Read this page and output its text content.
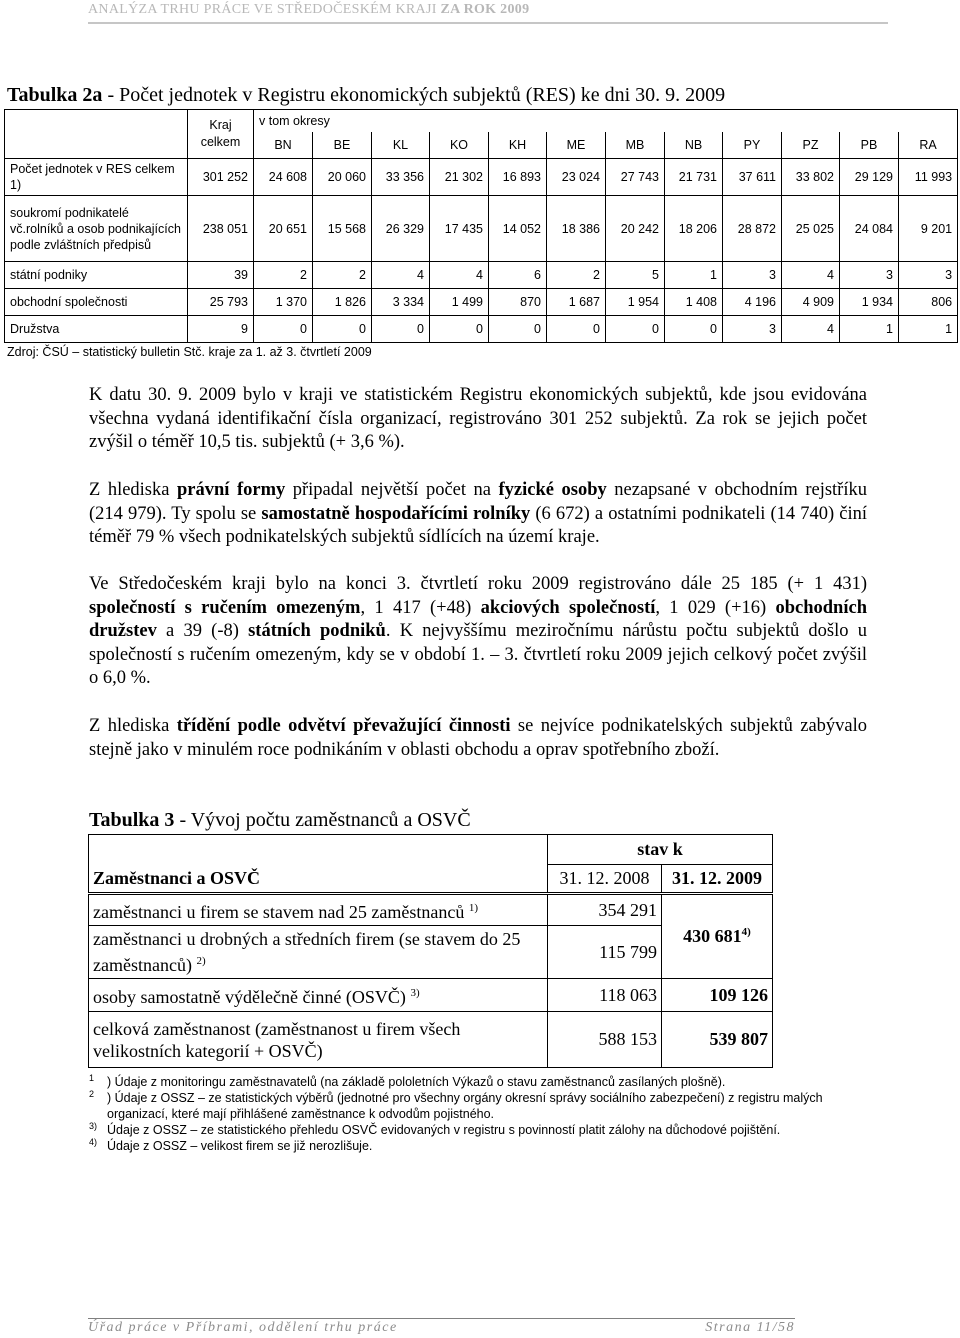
ANALÝZA TRHU PRÁCE VE STŘEDOČESKÉM KRAJI ZA ROK 2009
Tabulka 2a - Počet jednotek v Registru ekonomických subjektů (RES) ke dni 30. 9. 2009
	Kraj celkem	v tom okresy											
		BN	BE	KL	KO	KH	ME	MB	NB	PY	PZ	PB	RA
Počet jednotek v RES celkem 1)	301 252	24 608	20 060	33 356	21 302	16 893	23 024	27 743	21 731	37 611	33 802	29 129	11 993
soukromí podnikatelé vč.rolníků a osob podnikajících podle zvláštních předpisů	238 051	20 651	15 568	26 329	17 435	14 052	18 386	20 242	18 206	28 872	25 025	24 084	9 201
státní podniky	39	2	2	4	4	6	2	5	1	3	4	3	3
obchodní společnosti	25 793	1 370	1 826	3 334	1 499	870	1 687	1 954	1 408	4 196	4 909	1 934	806
Družstva	9	0	0	0	0	0	0	0	0	3	4	1	1
Zdroj: ČSÚ – statistický bulletin Stč. kraje za 1. až 3. čtvrtletí 2009

K datu 30. 9. 2009 bylo v kraji ve statistickém Registru ekonomických subjektů, kde jsou evidována všechna vydaná identifikační čísla organizací, registrováno 301 252 subjektů. Za rok se jejich počet zvýšil o téměř 10,5 tis. subjektů (+ 3,6 %).

Z hlediska právní formy připadal největší počet na fyzické osoby nezapsané v obchodním rejstříku (214 979). Ty spolu se samostatně hospodařícími rolníky (6 672) a ostatními podnikateli (14 740) činí téměř 79 % všech podnikatelských subjektů sídlících na území kraje.

Ve Středočeském kraji bylo na konci 3. čtvrtletí roku 2009 registrováno dále 25 185 (+ 1 431) společností s ručením omezeným, 1 417 (+48) akciových společností, 1 029 (+16) obchodních družstev a 39 (-8) státních podniků. K nejvyššímu meziročnímu nárůstu počtu subjektů došlo u společností s ručením omezeným, kdy se v období 1. – 3. čtvrtletí roku 2009 jejich celkový počet zvýšil o 6,0 %.

Z hlediska třídění podle odvětví převažující činnosti se nejvíce podnikatelských subjektů zabývalo stejně jako v minulém roce podnikáním v oblasti obchodu a oprav spotřebního zboží.

Tabulka 3 - Vývoj počtu zaměstnanců a OSVČ
	stav k	
Zaměstnanci a OSVČ	31. 12. 2008	31. 12. 2009
zaměstnanci u firem se stavem nad 25 zaměstnanců $^{1)}$	354 291	430 681$^{4)}$
zaměstnanci u drobných a středních firem (se stavem do 25 zaměstnanců) $^{2)}$	115 799	
osoby samostatně výdělečně činné (OSVČ) $^{3)}$	118 063	109 126
celková zaměstnanost (zaměstnanost u firem všech velikostních kategorií + OSVČ)	588 153	539 807
1 ) Údaje z monitoringu zaměstnavatelů (na základě pololetních Výkazů o stavu zaměstnanců zasílaných plošně).
2 ) Údaje z OSSZ – ze statistických výběrů (jednotné pro všechny orgány okresní správy sociálního zabezpečení) z registru malých
organizací, které mají přihlášené zaměstnance k odvodům pojistného.
3) Údaje z OSSZ – ze statistického přehledu OSVČ evidovaných v registru s povinností platit zálohy na důchodové pojištění.
4) Údaje z OSSZ – velikost firem se již nerozlišuje.
Úřad práce v Příbrami, oddělení trhu práce	Strana 11/58
